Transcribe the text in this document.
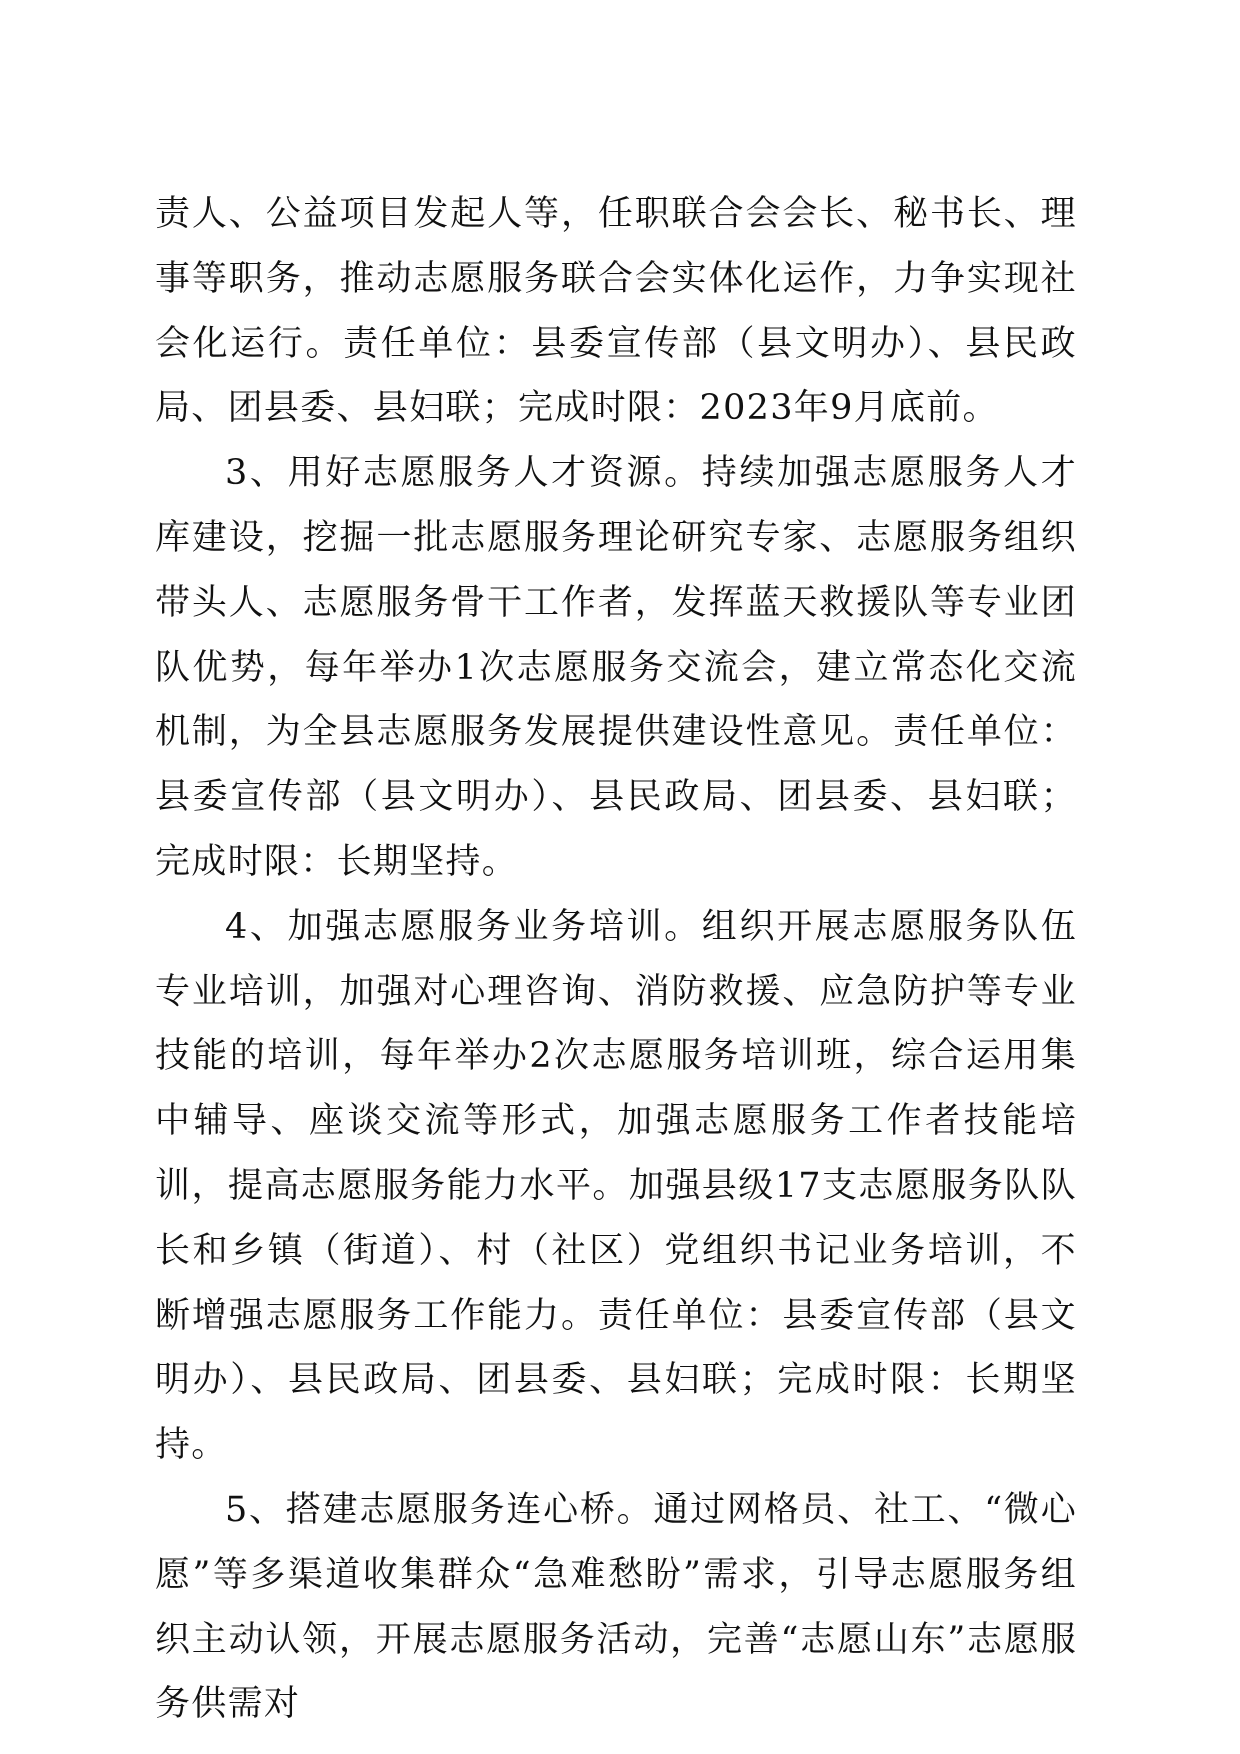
责人、公益项目发起人等，任职联合会会长、秘书长、理事等职务，推动志愿服务联合会实体化运作，力争实现社会化运行。责任单位：县委宣传部（县文明办）、县民政局、团县委、县妇联；完成时限：2023年9月底前。

3、用好志愿服务人才资源。持续加强志愿服务人才库建设，挖掘一批志愿服务理论研究专家、志愿服务组织带头人、志愿服务骨干工作者，发挥蓝天救援队等专业团队优势，每年举办1次志愿服务交流会，建立常态化交流机制，为全县志愿服务发展提供建设性意见。责任单位：县委宣传部（县文明办）、县民政局、团县委、县妇联；完成时限：长期坚持。

4、加强志愿服务业务培训。组织开展志愿服务队伍专业培训，加强对心理咨询、消防救援、应急防护等专业技能的培训，每年举办2次志愿服务培训班，综合运用集中辅导、座谈交流等形式，加强志愿服务工作者技能培训，提高志愿服务能力水平。加强县级17支志愿服务队队长和乡镇（街道）、村（社区）党组织书记业务培训，不断增强志愿服务工作能力。责任单位：县委宣传部（县文明办）、县民政局、团县委、县妇联；完成时限：长期坚持。

5、搭建志愿服务连心桥。通过网格员、社工、“微心愿”等多渠道收集群众“急难愁盼”需求，引导志愿服务组织主动认领，开展志愿服务活动，完善“志愿山东”志愿服务供需对
